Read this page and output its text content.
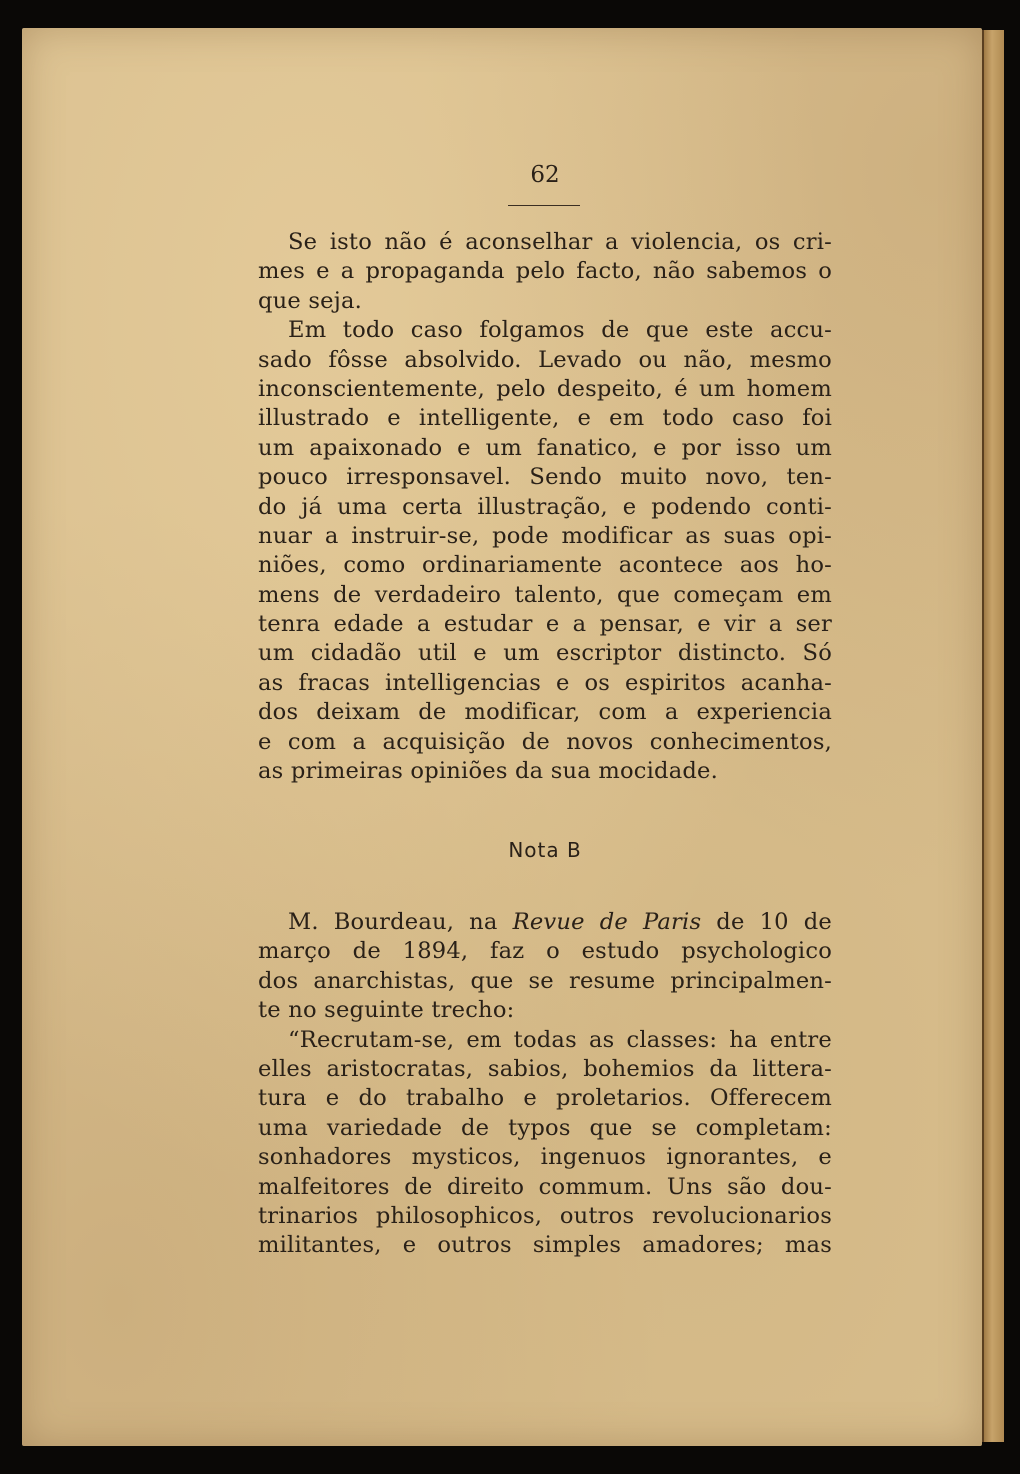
62
Se isto não é aconselhar a violencia, os cri-
mes e a propaganda pelo facto, não sabemos o
que seja.
Em todo caso folgamos de que este accu-
sado fôsse absolvido. Levado ou não, mesmo
inconscientemente, pelo despeito, é um homem
illustrado e intelligente, e em todo caso foi
um apaixonado e um fanatico, e por isso um
pouco irresponsavel. Sendo muito novo, ten-
do já uma certa illustração, e podendo conti-
nuar a instruir-se, pode modificar as suas opi-
niões, como ordinariamente acontece aos ho-
mens de verdadeiro talento, que começam em
tenra edade a estudar e a pensar, e vir a ser
um cidadão util e um escriptor distincto. Só
as fracas intelligencias e os espiritos acanha-
dos deixam de modificar, com a experiencia
e com a acquisição de novos conhecimentos,
as primeiras opiniões da sua mocidade.
Nota B
M. Bourdeau, na Revue de Paris de 10 de
março de 1894, faz o estudo psychologico
dos anarchistas, que se resume principalmen-
te no seguinte trecho:
“Recrutam-se, em todas as classes: ha entre
elles aristocratas, sabios, bohemios da littera-
tura e do trabalho e proletarios. Offerecem
uma variedade de typos que se completam:
sonhadores mysticos, ingenuos ignorantes, e
malfeitores de direito commum. Uns são dou-
trinarios philosophicos, outros revolucionarios
militantes, e outros simples amadores; mas
